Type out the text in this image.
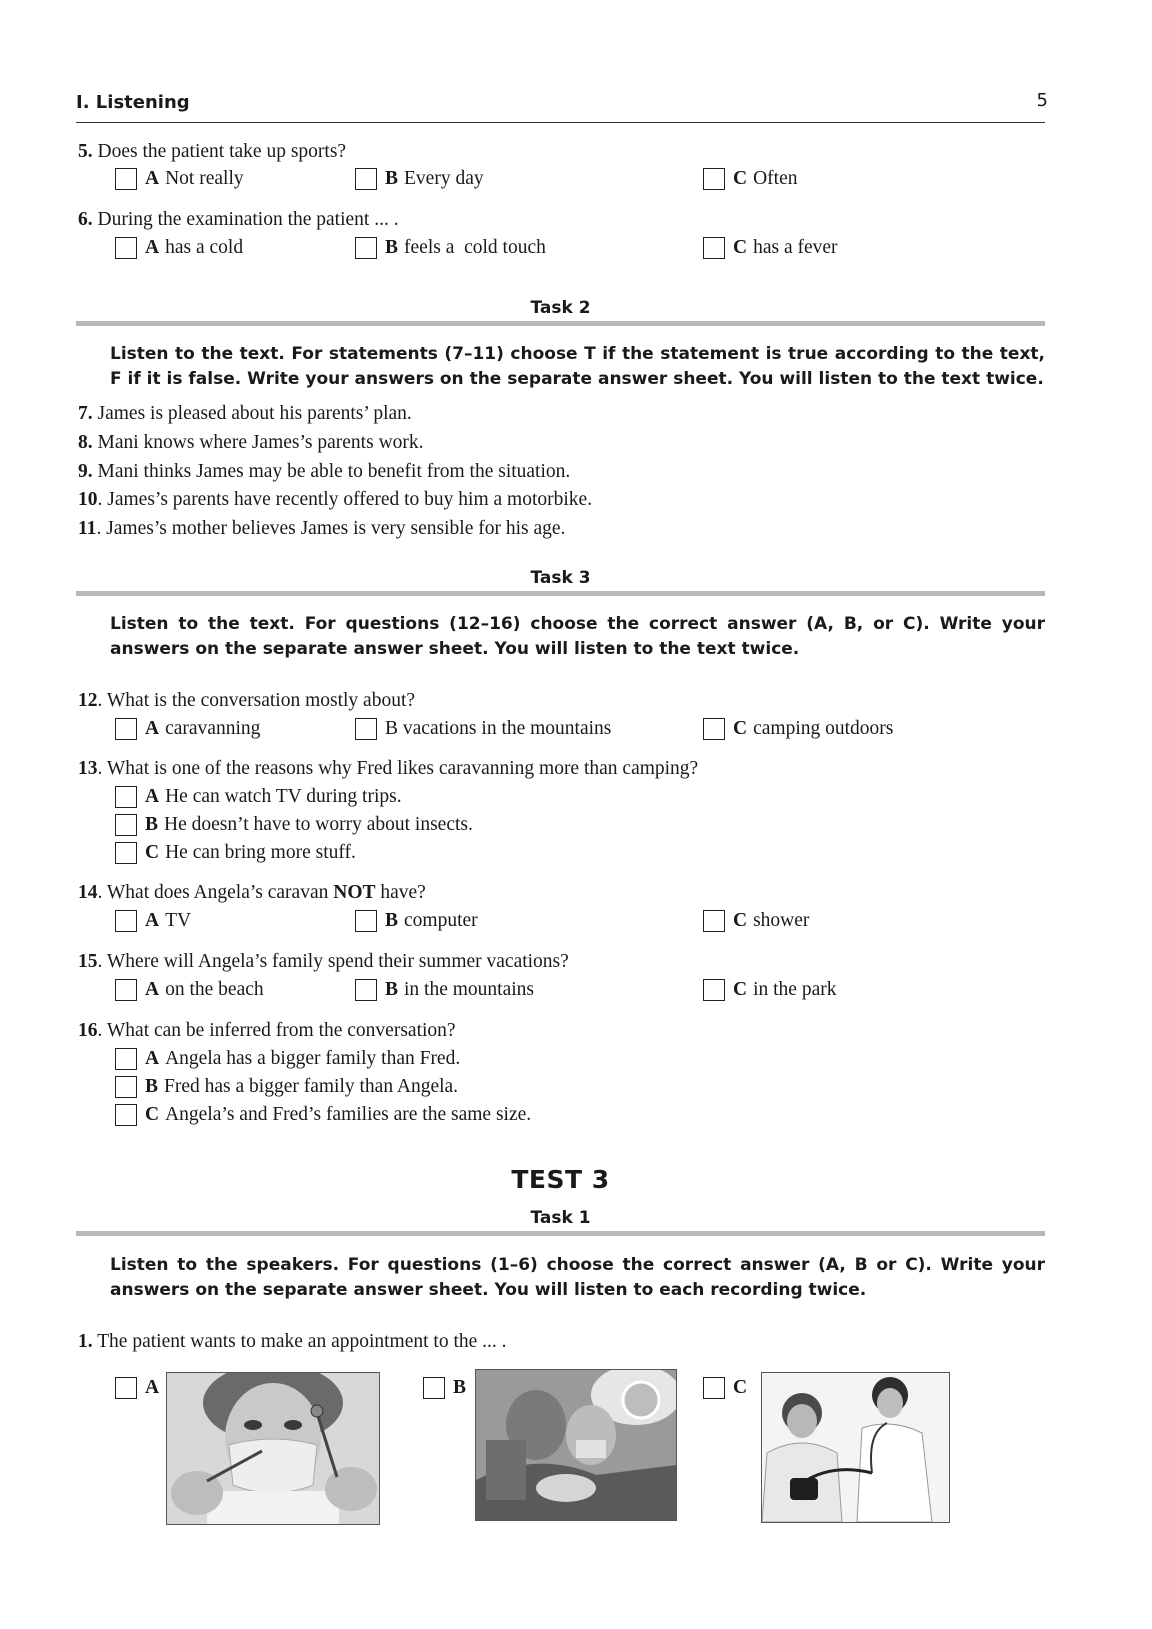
I. Listening	5
5. Does the patient take up sports?
A Not really	B Every day	C Often
6. During the examination the patient ... .
A has a cold	B feels a  cold touch	C has a fever
Task 2
Listen to the text. For statements (7–11) choose T if the statement is true according to the text, F if it is false. Write your answers on the separate answer sheet. You will listen to the text twice.
7. James is pleased about his parents’ plan.
8. Mani knows where James’s parents work.
9. Mani thinks James may be able to benefit from the situation.
10. James’s parents have recently offered to buy him a motorbike.
11. James’s mother believes James is very sensible for his age.
Task 3
Listen to the text. For questions (12–16) choose the correct answer (A, B, or C). Write your answers on the separate answer sheet. You will listen to the text twice.
12. What is the conversation mostly about?
A caravanning	B vacations in the mountains	C camping outdoors
13. What is one of the reasons why Fred likes caravanning more than camping?
A He can watch TV during trips.
B He doesn’t have to worry about insects.
C He can bring more stuff.
14. What does Angela’s caravan NOT have?
A TV	B computer	C shower
15. Where will Angela’s family spend their summer vacations?
A on the beach	B in the mountains	C in the park
16. What can be inferred from the conversation?
A Angela has a bigger family than Fred.
B Fred has a bigger family than Angela.
C Angela’s and Fred’s families are the same size.
TEST 3
Task 1
Listen to the speakers. For questions (1–6) choose the correct answer (A, B or C). Write your answers on the separate answer sheet. You will listen to each recording twice.
1. The patient wants to make an appointment to the ... .
A	B	C
